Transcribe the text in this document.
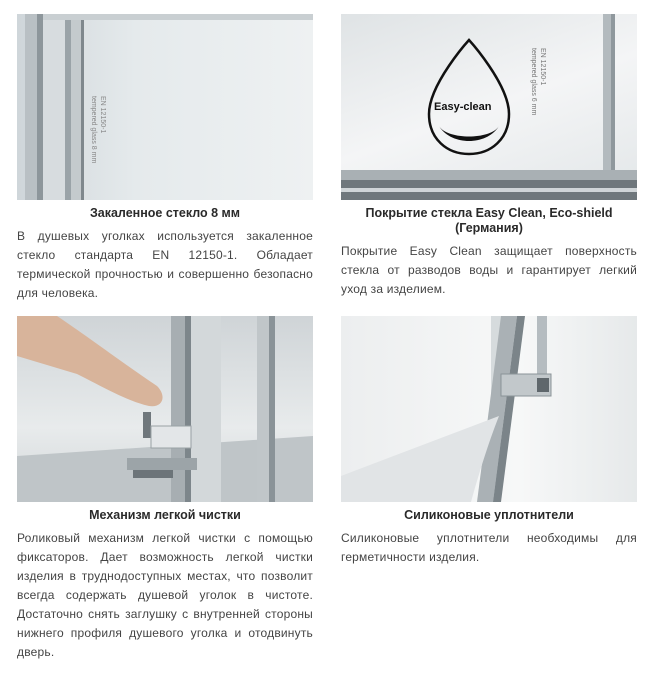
EN 12150-1
tempered glass 8 mm
Закаленное стекло 8 мм
В душевых уголках используется закаленное стекло стандарта EN 12150-1. Обладает термической прочностью и совершенно безопасно для человека.
Easy-clean
EN 12150-1
tempered glass 6 mm
Покрытие стекла Easy Clean, Eco-shield (Германия)
Покрытие Easy Clean защищает поверхность стекла от разводов воды и гарантирует легкий уход за изделием.
Механизм легкой чистки
Роликовый механизм легкой чистки с помощью фиксаторов. Дает возможность легкой чистки изделия в труднодоступных местах, что позволит всегда содержать душевой уголок в чистоте. Достаточно снять заглушку с внутренней стороны нижнего профиля душевого уголка и отодвинуть дверь.
Силиконовые уплотнители
Силиконовые уплотнители необходимы для герметичности изделия.
